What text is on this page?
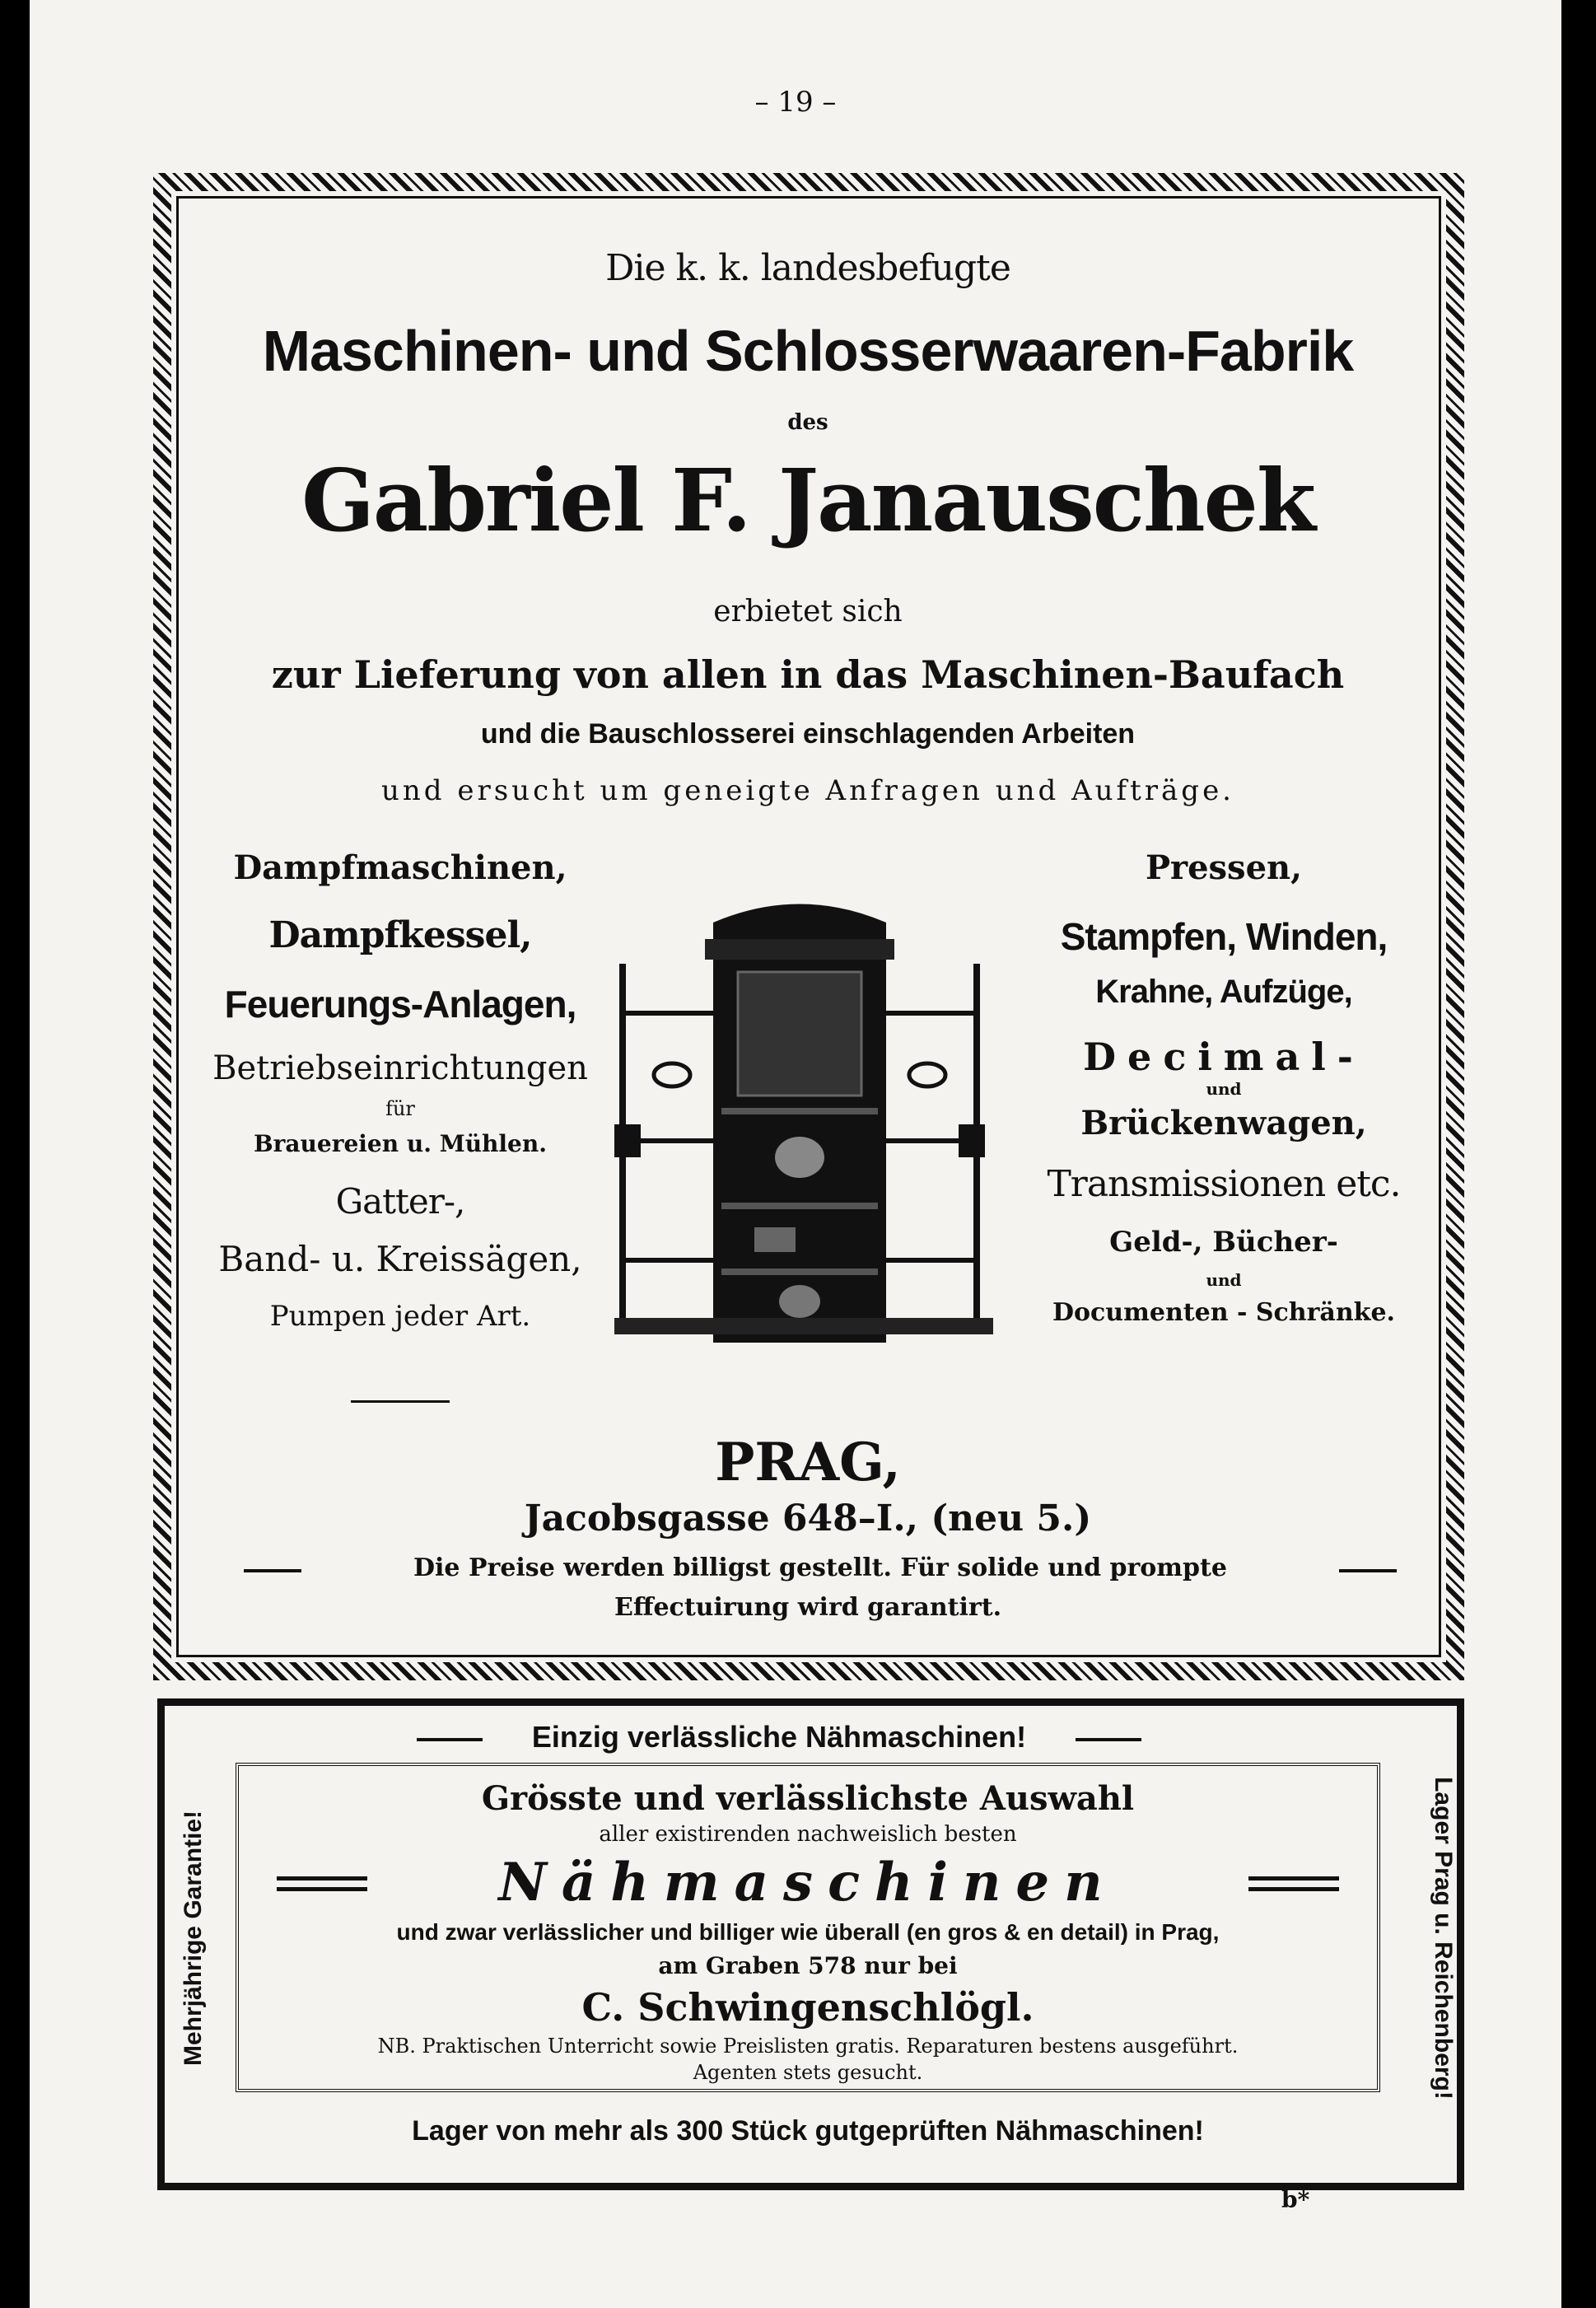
– 19 –
Die k. k. landesbefugte
Maschinen- und Schlosserwaaren-Fabrik
des
Gabriel F. Janauschek
erbietet sich
zur Lieferung von allen in das Maschinen-Baufach
und die Bauschlosserei einschlagenden Arbeiten
und ersucht um geneigte Anfragen und Aufträge.
Dampfmaschinen,
Dampfkessel,
Feuerungs-Anlagen,
Betriebseinrichtungen
für
Brauereien u. Mühlen.
Gatter-,
Band- u. Kreissägen,
Pumpen jeder Art.
Pressen,
Stampfen, Winden,
Krahne, Aufzüge,
Decimal-
und
Brückenwagen,
Transmissionen etc.
Geld-, Bücher-
und
Documenten - Schränke.
PRAG,
Jacobsgasse 648–I., (neu 5.)
Die Preise werden billigst gestellt. Für solide und prompte
Effectuirung wird garantirt.
Einzig verlässliche Nähmaschinen!
Mehrjährige Garantie!	Lager Prag u. Reichenberg!
Grösste und verlässlichste Auswahl
aller existirenden nachweislich besten
Nähmaschinen
und zwar verlässlicher und billiger wie überall (en gros & en detail) in Prag,
am Graben 578 nur bei
C. Schwingenschlögl.
NB. Praktischen Unterricht sowie Preislisten gratis. Reparaturen bestens ausgeführt.
Agenten stets gesucht.
Lager von mehr als 300 Stück gutgeprüften Nähmaschinen!
b*
